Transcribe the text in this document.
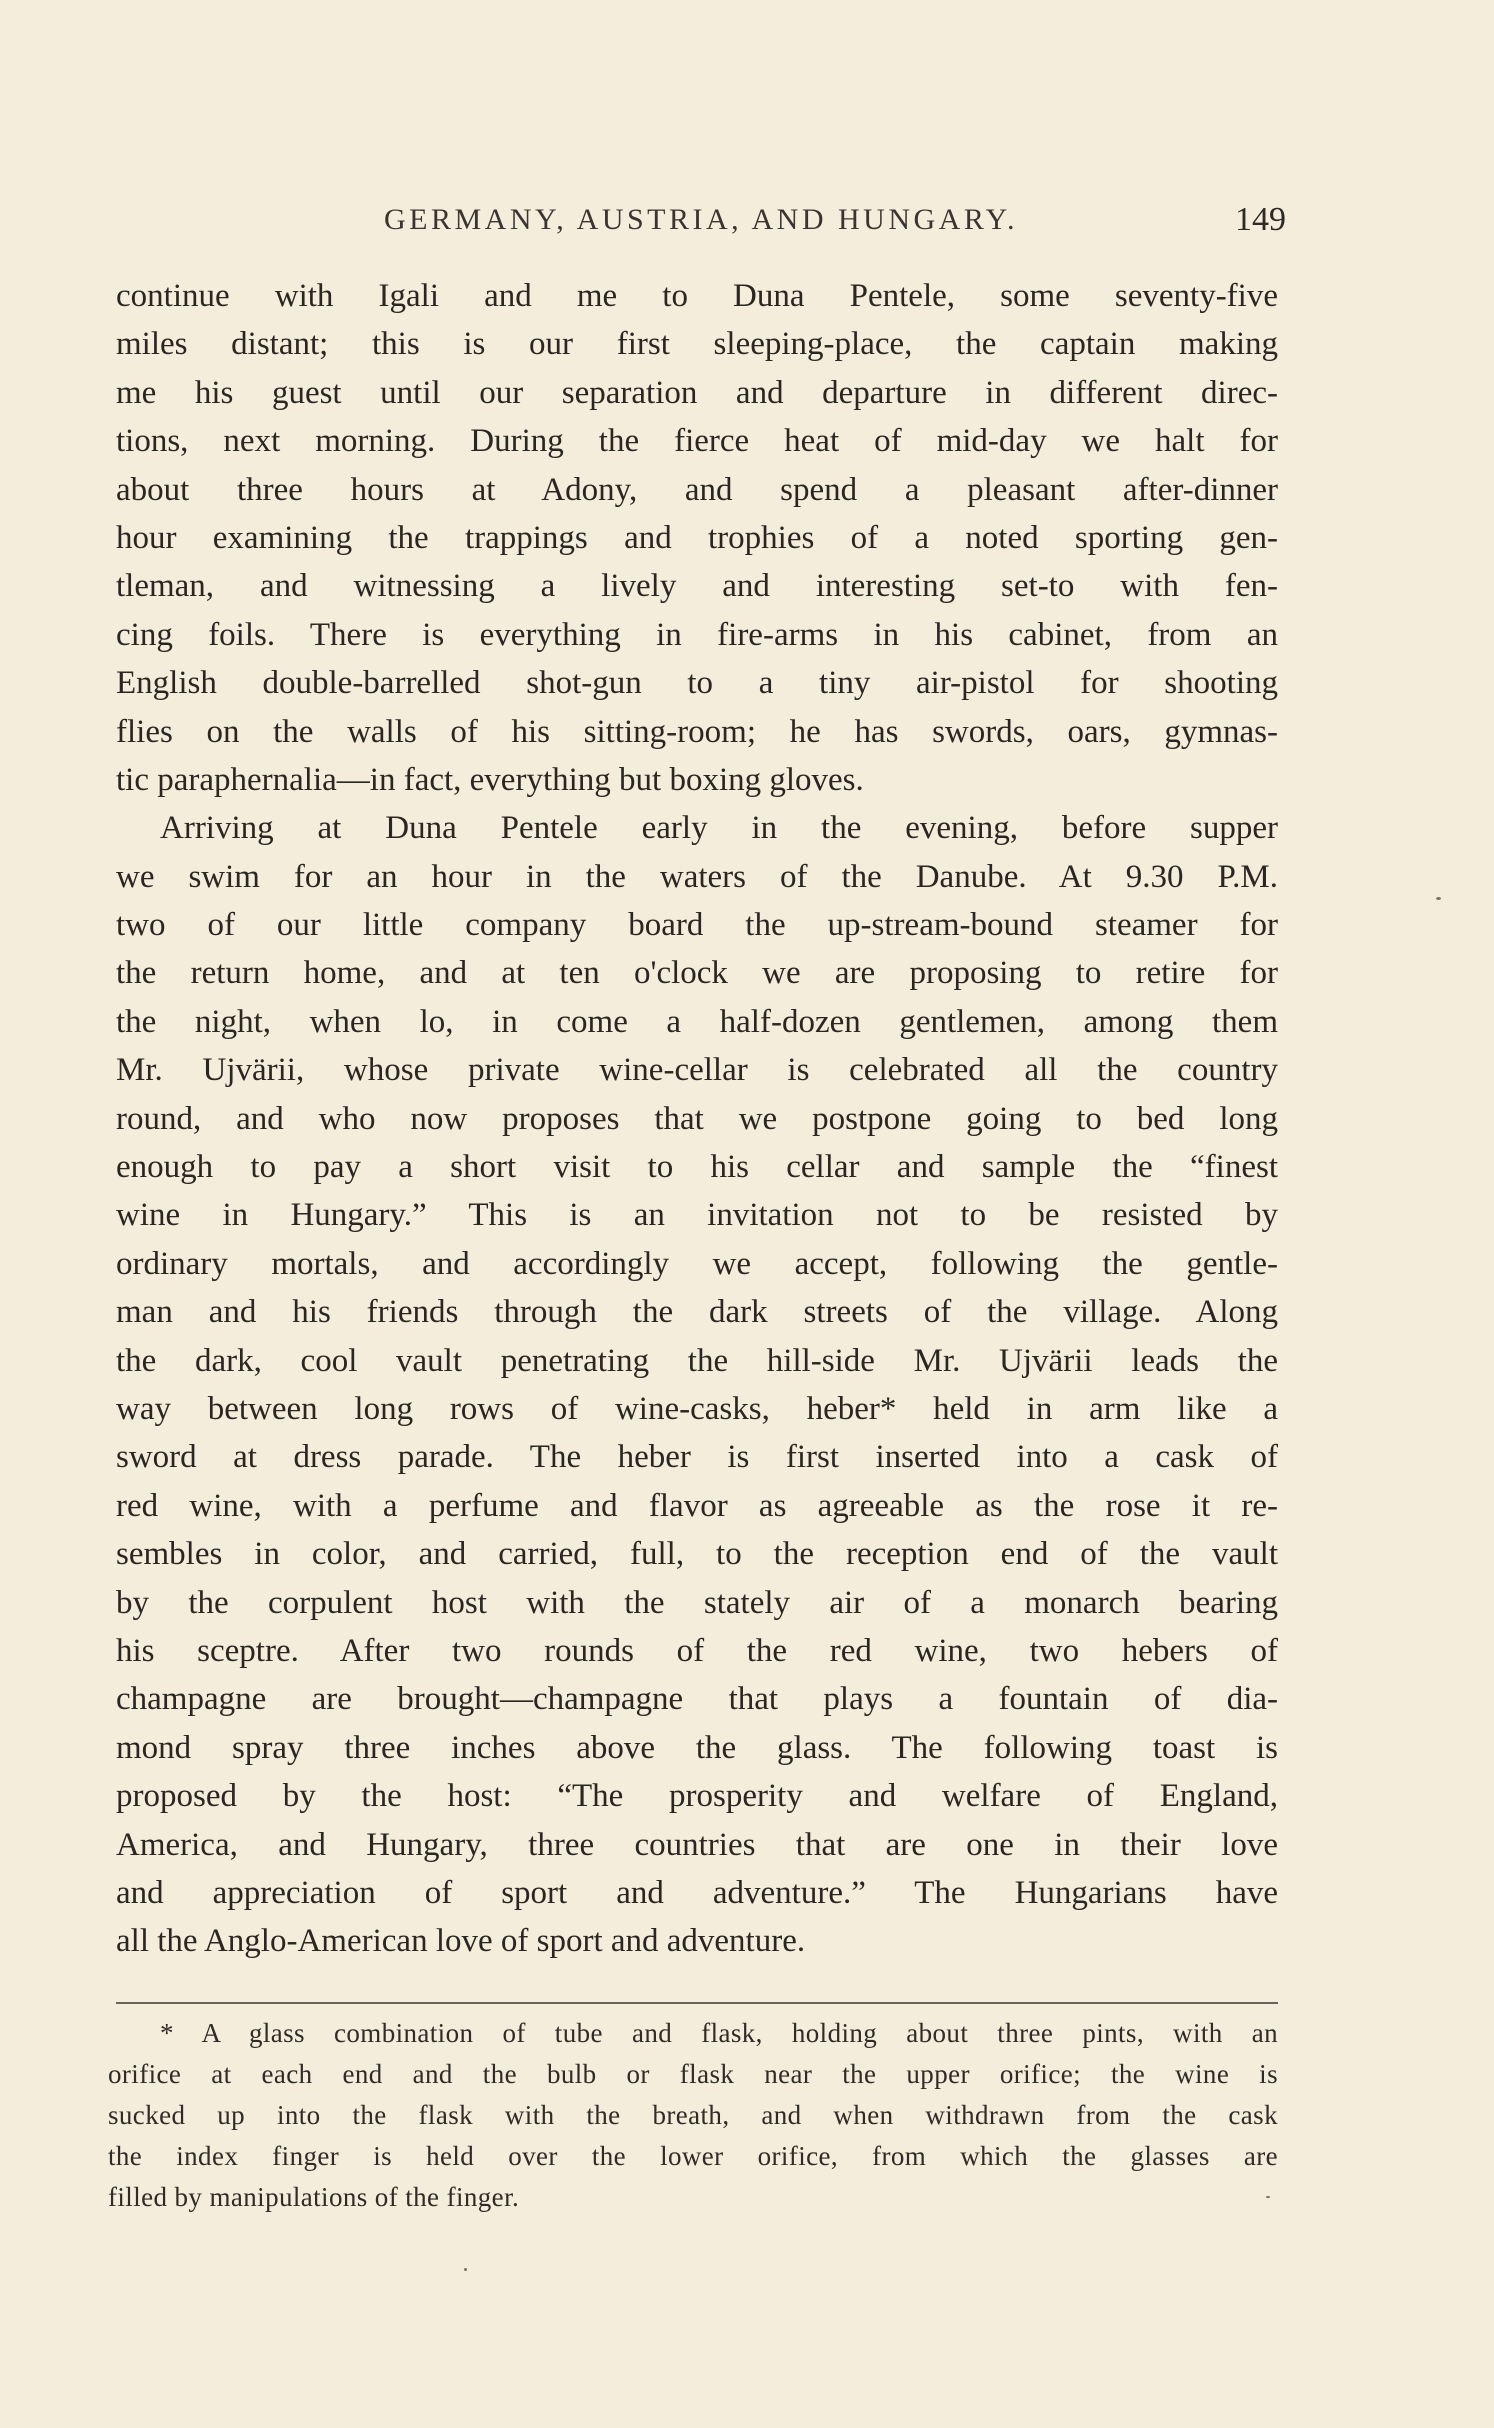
GERMANY, AUSTRIA, AND HUNGARY.	149
continue with Igali and me to Duna Pentele, some seventy-five
miles distant; this is our first sleeping-place, the captain making
me his guest until our separation and departure in different direc-
tions, next morning. During the fierce heat of mid-day we halt for
about three hours at Adony, and spend a pleasant after-dinner
hour examining the trappings and trophies of a noted sporting gen-
tleman, and witnessing a lively and interesting set-to with fen-
cing foils. There is everything in fire-arms in his cabinet, from an
English double-barrelled shot-gun to a tiny air-pistol for shooting
flies on the walls of his sitting-room; he has swords, oars, gymnas-
tic paraphernalia—in fact, everything but boxing gloves.
Arriving at Duna Pentele early in the evening, before supper
we swim for an hour in the waters of the Danube. At 9.30 P.M.
two of our little company board the up-stream-bound steamer for
the return home, and at ten o'clock we are proposing to retire for
the night, when lo, in come a half-dozen gentlemen, among them
Mr. Ujvärii, whose private wine-cellar is celebrated all the country
round, and who now proposes that we postpone going to bed long
enough to pay a short visit to his cellar and sample the “finest
wine in Hungary.” This is an invitation not to be resisted by
ordinary mortals, and accordingly we accept, following the gentle-
man and his friends through the dark streets of the village. Along
the dark, cool vault penetrating the hill-side Mr. Ujvärii leads the
way between long rows of wine-casks, heber* held in arm like a
sword at dress parade. The heber is first inserted into a cask of
red wine, with a perfume and flavor as agreeable as the rose it re-
sembles in color, and carried, full, to the reception end of the vault
by the corpulent host with the stately air of a monarch bearing
his sceptre. After two rounds of the red wine, two hebers of
champagne are brought—champagne that plays a fountain of dia-
mond spray three inches above the glass. The following toast is
proposed by the host: “The prosperity and welfare of England,
America, and Hungary, three countries that are one in their love
and appreciation of sport and adventure.” The Hungarians have
all the Anglo-American love of sport and adventure.
* A glass combination of tube and flask, holding about three pints, with an
orifice at each end and the bulb or flask near the upper orifice; the wine is
sucked up into the flask with the breath, and when withdrawn from the cask
the index finger is held over the lower orifice, from which the glasses are
filled by manipulations of the finger.
